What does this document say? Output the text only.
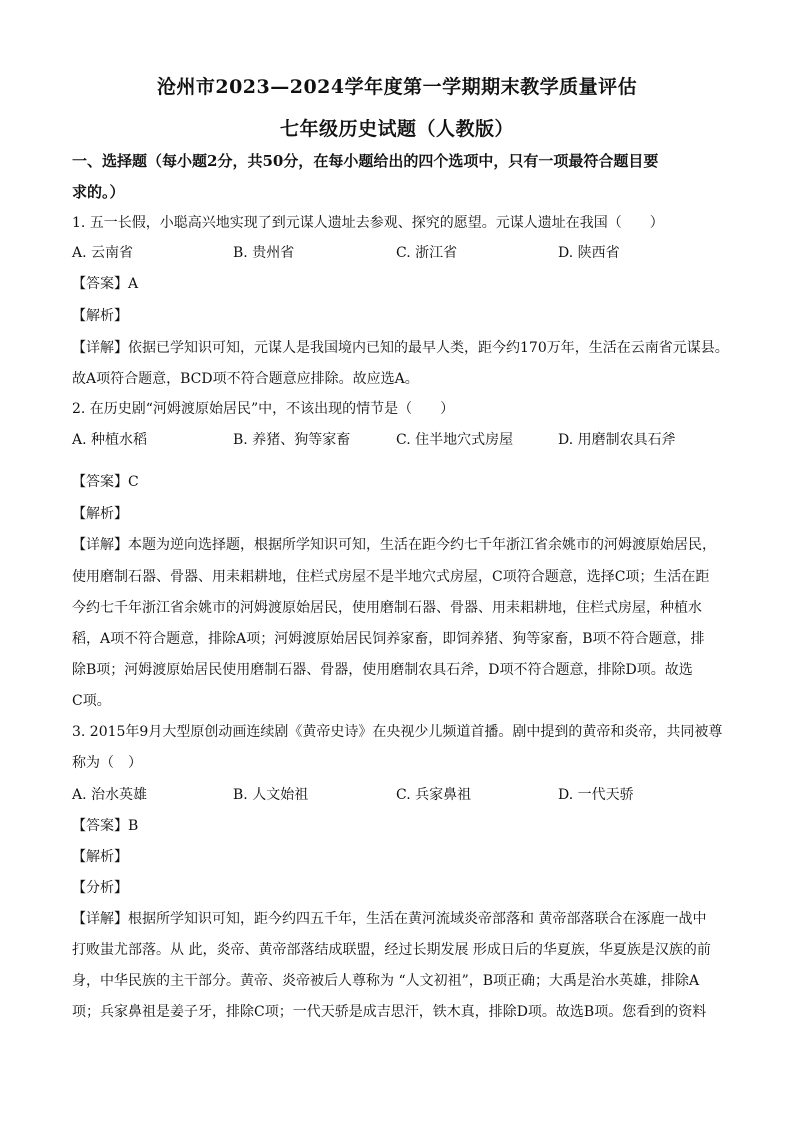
沧州市2023—2024学年度第一学期期末教学质量评估
七年级历史试题（人教版）
一、选择题（每小题2分，共50分，在每小题给出的四个选项中，只有一项最符合题目要
求的。）
1. 五一长假，小聪高兴地实现了到元谋人遗址去参观、探究的愿望。元谋人遗址在我国（　　）
A. 云南省	B. 贵州省	C. 浙江省	D. 陕西省
【答案】A
【解析】
【详解】依据已学知识可知，元谋人是我国境内已知的最早人类，距今约170万年，生活在云南省元谋县。
故A项符合题意，BCD项不符合题意应排除。故应选A。
2. 在历史剧“河姆渡原始居民”中，不该出现的情节是（　　）
A. 种植水稻	B. 养猪、狗等家畜	C. 住半地穴式房屋	D. 用磨制农具石斧
【答案】C
【解析】
【详解】本题为逆向选择题，根据所学知识可知，生活在距今约七千年浙江省余姚市的河姆渡原始居民，
使用磨制石器、骨器、用耒耜耕地，住栏式房屋不是半地穴式房屋，C项符合题意，选择C项；生活在距
今约七千年浙江省余姚市的河姆渡原始居民，使用磨制石器、骨器、用耒耜耕地，住栏式房屋，种植水
稻，A项不符合题意，排除A项；河姆渡原始居民饲养家畜，即饲养猪、狗等家畜，B项不符合题意，排
除B项；河姆渡原始居民使用磨制石器、骨器，使用磨制农具石斧，D项不符合题意，排除D项。故选
C项。
3. 2015年9月大型原创动画连续剧《黄帝史诗》在央视少儿频道首播。剧中提到的黄帝和炎帝，共同被尊
称为（　）
A. 治水英雄	B. 人文始祖	C. 兵家鼻祖	D. 一代天骄
【答案】B
【解析】
【分析】
【详解】根据所学知识可知，距今约四五千年，生活在黄河流域炎帝部落和 黄帝部落联合在涿鹿一战中
打败蚩尤部落。从 此，炎帝、黄帝部落结成联盟，经过长期发展 形成日后的华夏族，华夏族是汉族的前
身，中华民族的主干部分。黄帝、炎帝被后人尊称为 “人文初祖”，B项正确；大禹是治水英雄，排除A
项；兵家鼻祖是姜子牙，排除C项；一代天骄是成吉思汗，铁木真，排除D项。故选B项。您看到的资料
